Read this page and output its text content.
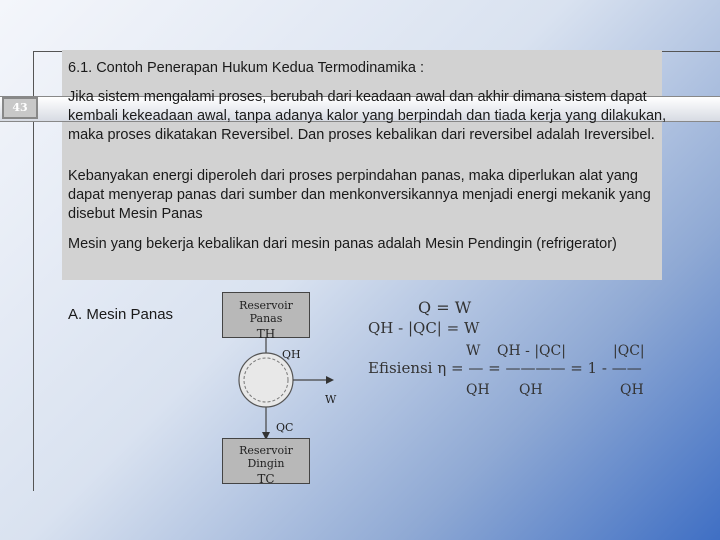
43
6.1. Contoh Penerapan Hukum Kedua Termodinamika :
Jika sistem mengalami proses, berubah dari keadaan awal dan akhir dimana sistem dapat kembali kekeadaan awal, tanpa adanya kalor yang berpindah dan tiada kerja yang dilakukan, maka proses dikatakan Reversibel. Dan proses kebalikan dari reversibel adalah Ireversibel.
Kebanyakan energi diperoleh dari proses perpindahan panas, maka diperlukan alat yang dapat menyerap panas dari sumber dan menkonversikannya menjadi energi mekanik yang disebut Mesin Panas
Mesin yang bekerja kebalikan dari mesin panas adalah Mesin Pendingin (refrigerator)
A. Mesin Panas
Reservoir Panas
TH
Reservoir Dingin
TC
QH
QC
W
Q = W
QH - |QC| = W
W QH - |QC|	|QC|
Efisiensi η = — = ———— = 1 - ——
QH QH	QH
